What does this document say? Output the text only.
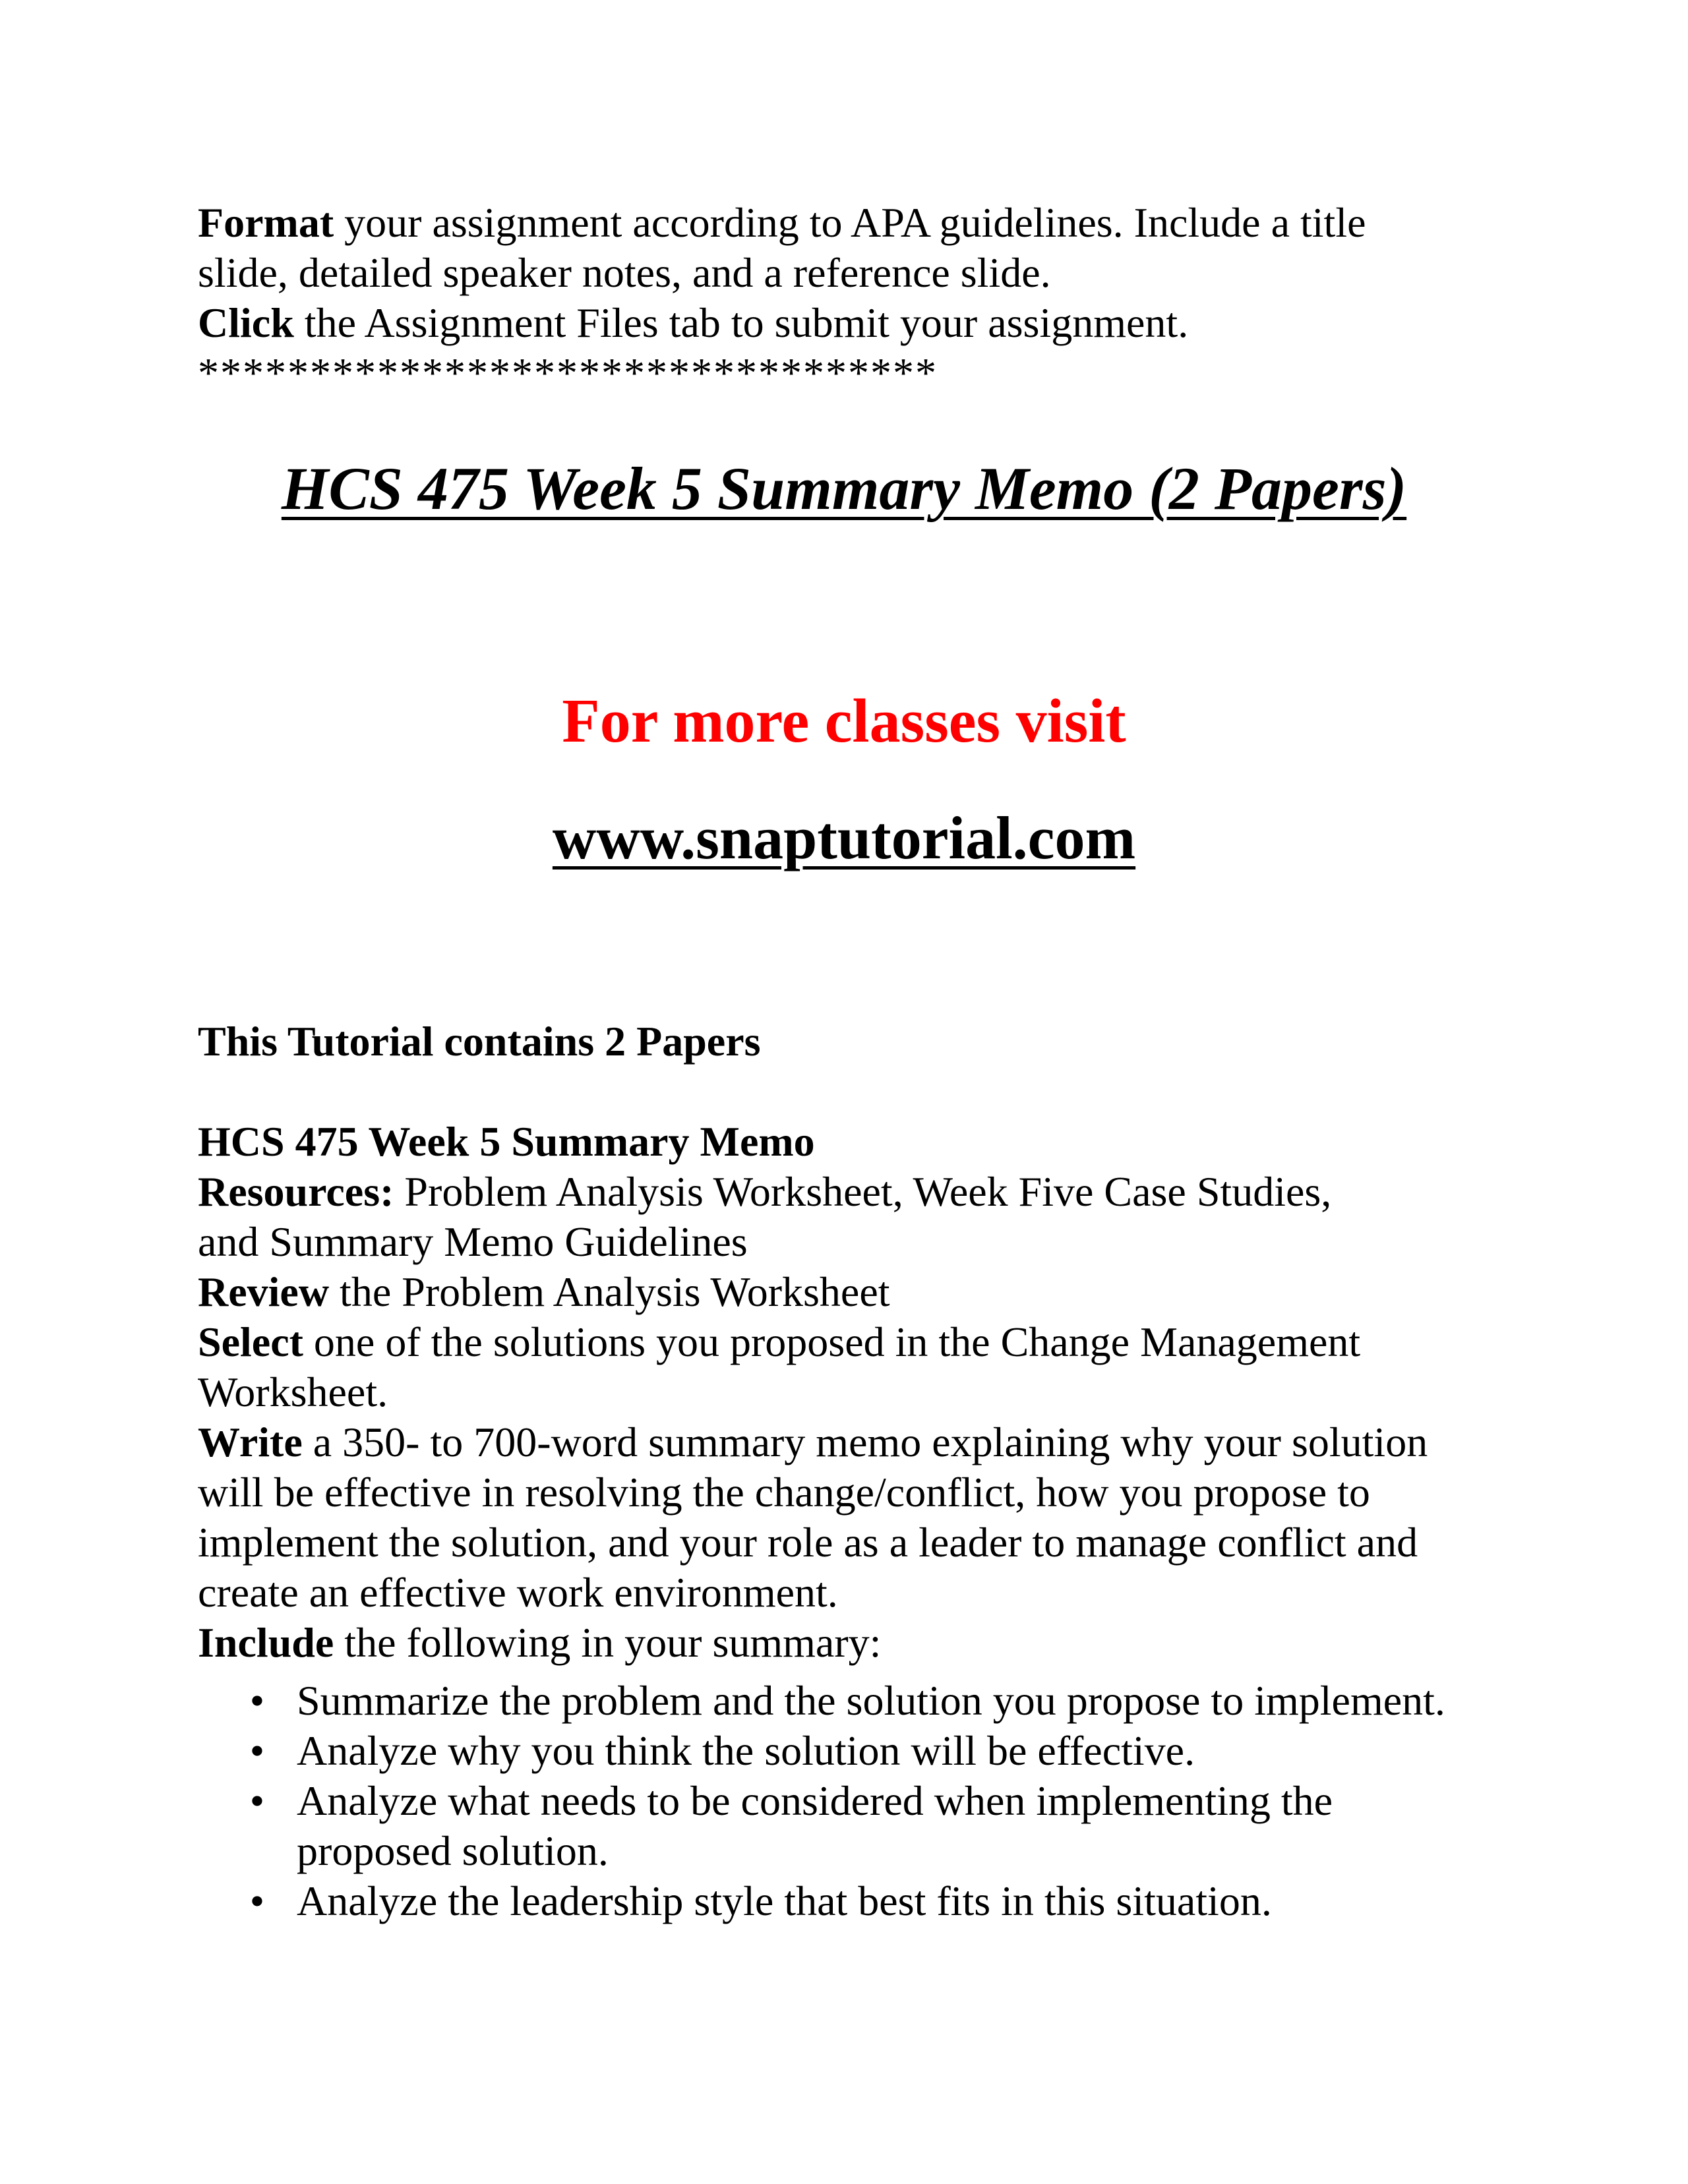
Format your assignment according to APA guidelines. Include a title
slide, detailed speaker notes, and a reference slide.
Click the Assignment Files tab to submit your assignment.
*********************************
HCS 475 Week 5 Summary Memo (2 Papers)
For more classes visit
www.snaptutorial.com
This Tutorial contains 2 Papers
HCS 475 Week 5 Summary Memo
Resources: Problem Analysis Worksheet, Week Five Case Studies,
and Summary Memo Guidelines
Review the Problem Analysis Worksheet
Select one of the solutions you proposed in the Change Management
Worksheet.
Write a 350- to 700-word summary memo explaining why your solution
will be effective in resolving the change/conflict, how you propose to
implement the solution, and your role as a leader to manage conflict and
create an effective work environment.
Include the following in your summary:
• Summarize the problem and the solution you propose to implement.
• Analyze why you think the solution will be effective.
• Analyze what needs to be considered when implementing the
proposed solution.
• Analyze the leadership style that best fits in this situation.
